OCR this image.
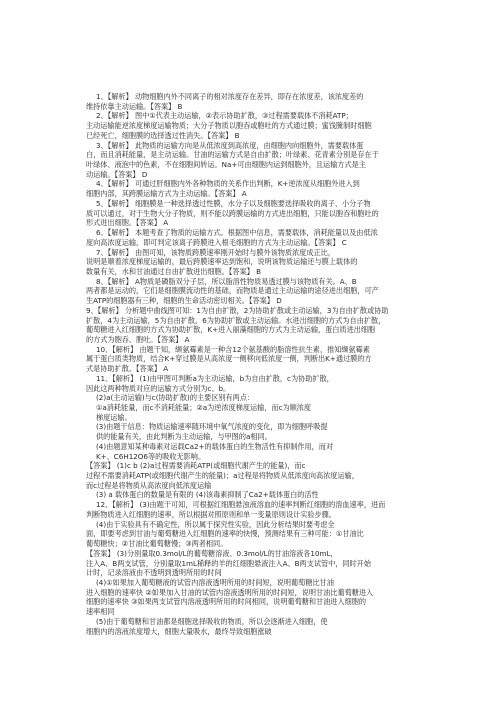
1、【解析】 动物细胞内外不同离子的相对浓度存在差异，即存在浓度差，该浓度差的
维持依靠主动运输。【答案】 B
2、【解析】 图中①代表主动运输，②表示协助扩散，③过程需要载体不消耗ATP；
主动运输能逆浓度梯度运输物质；大分子物质以胞吞或胞吐的方式通过膜；蜜饯腌制时细胞
已经死亡，细胞膜的选择透过性消失。【答案】 B
3、【解析】 此物质的运输方向是从低浓度到高浓度，由细胞内向细胞外，需要载体蛋
白，而且消耗能量，是主动运输。甘油的运输方式是自由扩散；叶绿素、花青素分别是存在于
叶绿体、液泡中的色素，不在细胞间转运。Na+可由细胞内运到细胞外，且运输方式是主
动运输。【答案】 D
4、【解析】 可通过肝细胞内外各种物质的关系作出判断，K+逆浓度从细胞外进入到
细胞内部，其跨膜运输方式为主动运输。【答案】 A
5、【解析】 细胞膜是一种选择透过性膜，水分子以及细胞要选择吸收的离子、小分子物
质可以通过，对于生物大分子物质，则不能以跨膜运输的方式进出细胞，只能以胞吞和胞吐的
形式进出细胞。【答案】 A
6、【解析】 本题考查了物质的运输方式。根据图中信息，需要载体，消耗能量以及由低浓
度向高浓度运输，即可判定该离子跨膜进入根毛细胞的方式为主动运输。【答案】 C
7、【解析】 由图可知，该物质跨膜速率刚开始时与膜外该物质浓度成正比，
说明是顺着浓度梯度运输的，最后跨膜速率达到饱和，说明该物质运输还与膜上载体的
数量有关，水和甘油通过自由扩散进出细胞。【答案】 B
8、【解析】 A物质是磷脂双分子层，所以脂溶性物质易透过膜与该物质有关。A、B
两者都是运动的，它们是细胞膜流动性的基础，而物质是通过主动运输的途径进出细胞，可产
生ATP的细胞器有三种，细胞的生命活动密切相关。【答案】 D
9、【解析】 分析题中曲线图可知：1为自由扩散，2为协助扩散或主动运输，3为自由扩散或协助
扩散，4为主动运输，5为自由扩散，6为协助扩散或主动运输。水进出细胞的方式为自由扩散，
葡萄糖进入红细胞的方式为协助扩散，K+进入丽藻细胞的方式为主动运输，蛋白质进出细胞
的方式为胞吞、胞吐。【答案】 A
10、【解析】 由题干知，缬氨霉素是一种含12个氨基酸的脂溶性抗生素，推知缬氨霉素
属于蛋白质类物质，结合K+穿过膜是从高浓度一侧移向低浓度一侧，判断出K+通过膜的方
式是协助扩散。【答案】 A
11、【解析】 (1)由甲图可判断a为主动运输，b为自由扩散，c为协助扩散，
因此这两种物质对应的运输方式分别为c、b。
(2)a(主动运输)与c(协助扩散)的主要区别有两点：
①a消耗能量，而c不消耗能量；②a为逆浓度梯度运输，而c为顺浓度
梯度运输。
(3)由题干信息：物质运输速率随环境中氧气浓度的变化，即为细胞呼吸提
供的能量有关，由此判断为主动运输，与甲图的a相同。
(4)由题意知某种毒素对运载Ca2+的载体蛋白的生物活性有抑制作用，而对
K+、C6H12O6等的吸收无影响。
【答案】 (1)c b (2)a过程需要消耗ATP(或细胞代谢产生的能量)，而c
过程不需要消耗ATP(或细胞代谢产生的能量)；a过程是将物质从低浓度向高浓度运输，
而c过程是将物质从高浓度向低浓度运输
(3) a 载体蛋白的数量是有限的 (4)该毒素抑制了Ca2+载体蛋白的活性
12、【解析】 (3)由题干可知，可根据红细胞悬浊液溶血的速率判断红细胞的溶血速率，进而
判断物质进入红细胞的速率，所以根据对照原则和单一变量原则设计实验步骤。
(4)由于实验具有不确定性，所以属于探究性实验，因此分析结果时要考虑全
面，即要考虑到甘油与葡萄糖进入红细胞的速率的快慢，预测结果有三种可能：①甘油比
葡萄糖快；②甘油比葡萄糖慢；③两者相同。
【答案】 (3)分别量取0.3mol/L的葡萄糖溶液、0.3mol/L的甘油溶液各10mL，
注入A、B两支试管，分别量取1mL稀释的羊的红细胞悬液注入A、B两支试管中，同时开始
计时，记录溶液由不透明到透明所用的时间
(4)①如果加入葡萄糖液的试管内溶液透明所用的时间短，说明葡萄糖比甘油
进入细胞的速率快 ②如果加入甘油的试管内溶液透明所用的时间短，说明甘油比葡萄糖进入
细胞的速率快 ③如果两支试管内溶液透明所用的时间相同，说明葡萄糖和甘油进入细胞的
速率相同
(5)由于葡萄糖和甘油都是细胞选择吸收的物质，所以会逐渐进入细胞，使
细胞内的溶液浓度增大，细胞大量吸水，最终导致细胞涨破
